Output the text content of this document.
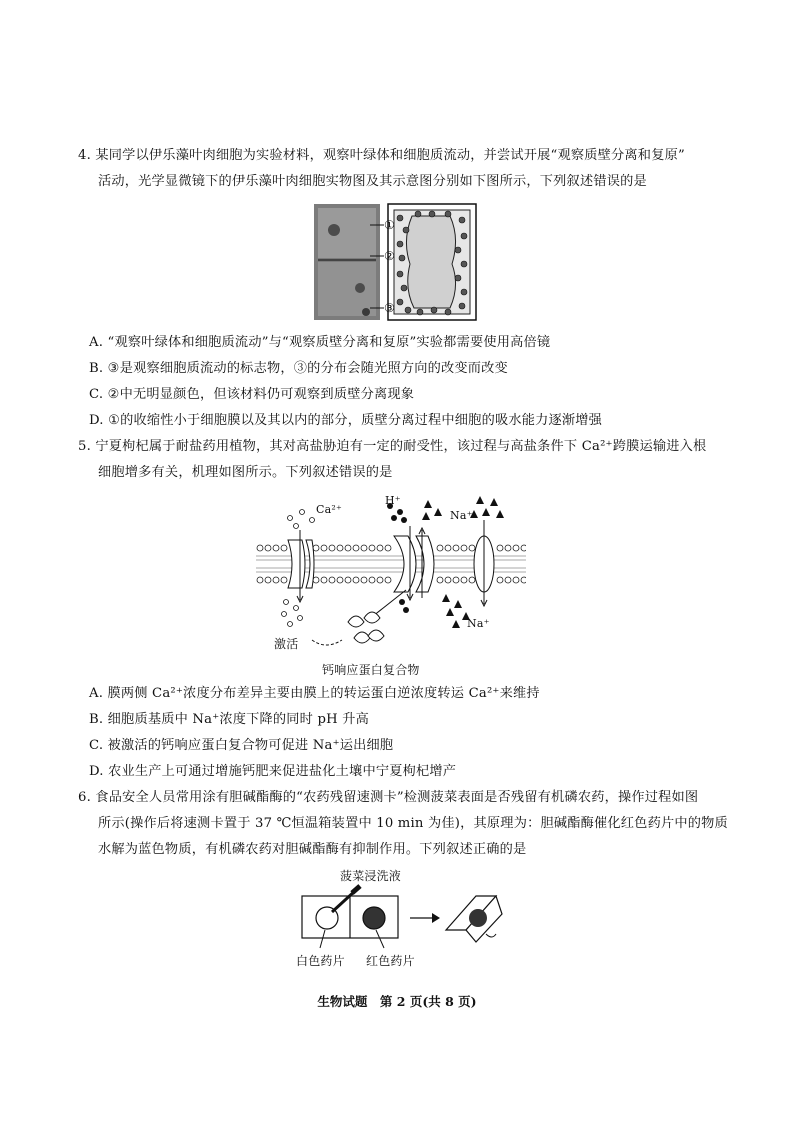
4. 某同学以伊乐藻叶肉细胞为实验材料，观察叶绿体和细胞质流动，并尝试开展“观察质壁分离和复原”
活动，光学显微镜下的伊乐藻叶肉细胞实物图及其示意图分别如下图所示，下列叙述错误的是
①
②
③
A. “观察叶绿体和细胞质流动”与“观察质壁分离和复原”实验都需要使用高倍镜
B. ③是观察细胞质流动的标志物，③的分布会随光照方向的改变而改变
C. ②中无明显颜色，但该材料仍可观察到质壁分离现象
D. ①的收缩性小于细胞膜以及其以内的部分，质壁分离过程中细胞的吸水能力逐渐增强
5. 宁夏枸杞属于耐盐药用植物，其对高盐胁迫有一定的耐受性，该过程与高盐条件下 Ca²⁺跨膜运输进入根
细胞增多有关，机理如图所示。下列叙述错误的是
Ca²⁺
H⁺
Na⁺
Na⁺
激活
钙响应蛋白复合物
A. 膜两侧 Ca²⁺浓度分布差异主要由膜上的转运蛋白逆浓度转运 Ca²⁺来维持
B. 细胞质基质中 Na⁺浓度下降的同时 pH 升高
C. 被激活的钙响应蛋白复合物可促进 Na⁺运出细胞
D. 农业生产上可通过增施钙肥来促进盐化土壤中宁夏枸杞增产
6. 食品安全人员常用涂有胆碱酯酶的“农药残留速测卡”检测菠菜表面是否残留有机磷农药，操作过程如图
所示(操作后将速测卡置于 37 ℃恒温箱装置中 10 min 为佳)，其原理为：胆碱酯酶催化红色药片中的物质
水解为蓝色物质，有机磷农药对胆碱酯酶有抑制作用。下列叙述正确的是
菠菜浸洗液
白色药片 红色药片
生物试题　第 2 页(共 8 页)
